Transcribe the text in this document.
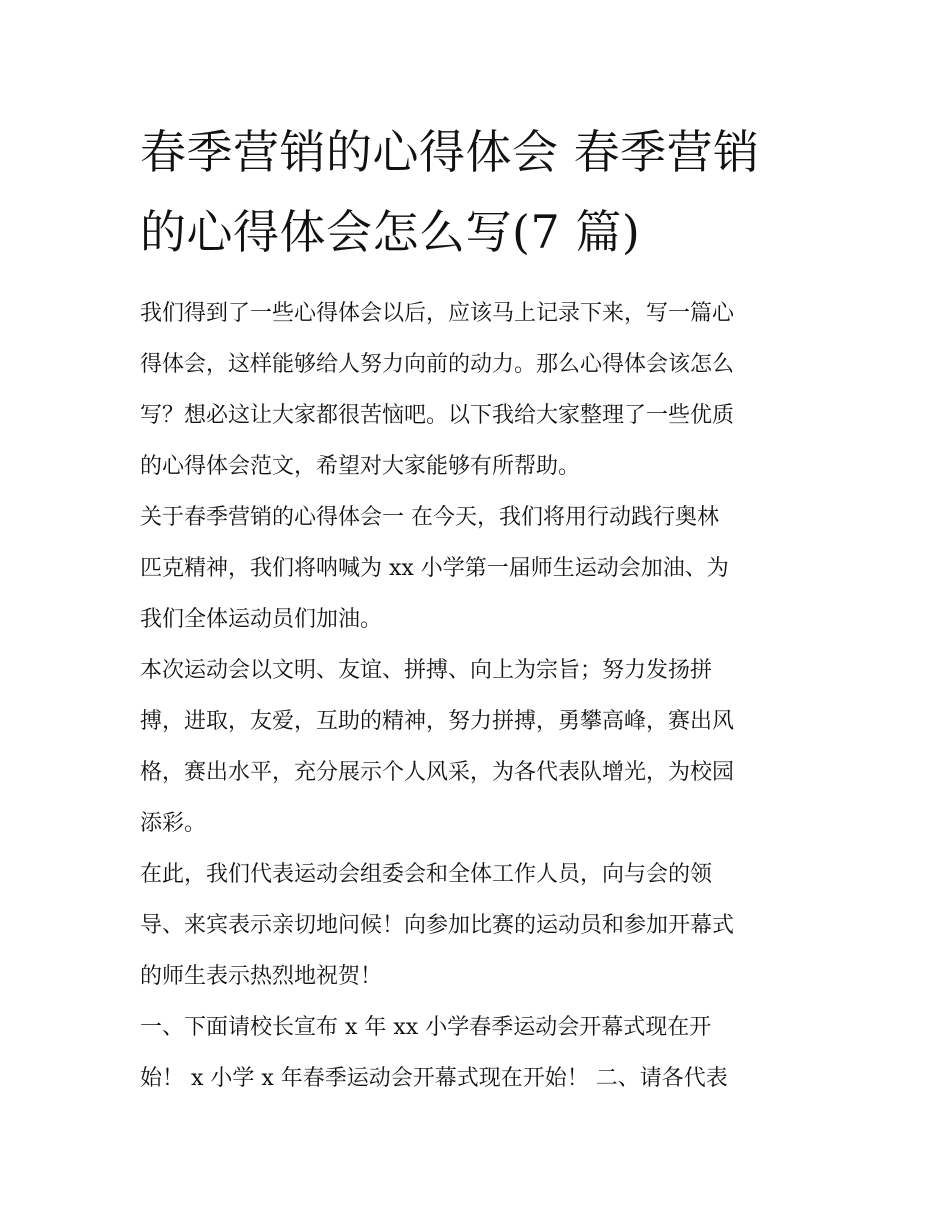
春季营销的心得体会 春季营销
的心得体会怎么写(7 篇)

我们得到了一些心得体会以后，应该马上记录下来，写一篇心
得体会，这样能够给人努力向前的动力。那么心得体会该怎么
写？想必这让大家都很苦恼吧。以下我给大家整理了一些优质
的心得体会范文，希望对大家能够有所帮助。

关于春季营销的心得体会一 在今天，我们将用行动践行奥林
匹克精神，我们将呐喊为 xx 小学第一届师生运动会加油、为
我们全体运动员们加油。

本次运动会以文明、友谊、拼搏、向上为宗旨；努力发扬拼
搏，进取，友爱，互助的精神，努力拼搏，勇攀高峰，赛出风
格，赛出水平，充分展示个人风采，为各代表队增光，为校园
添彩。

在此，我们代表运动会组委会和全体工作人员，向与会的领
导、来宾表示亲切地问候！向参加比赛的运动员和参加开幕式
的师生表示热烈地祝贺！

一、下面请校长宣布 x 年 xx 小学春季运动会开幕式现在开
始！ x 小学 x 年春季运动会开幕式现在开始！ 二、请各代表
